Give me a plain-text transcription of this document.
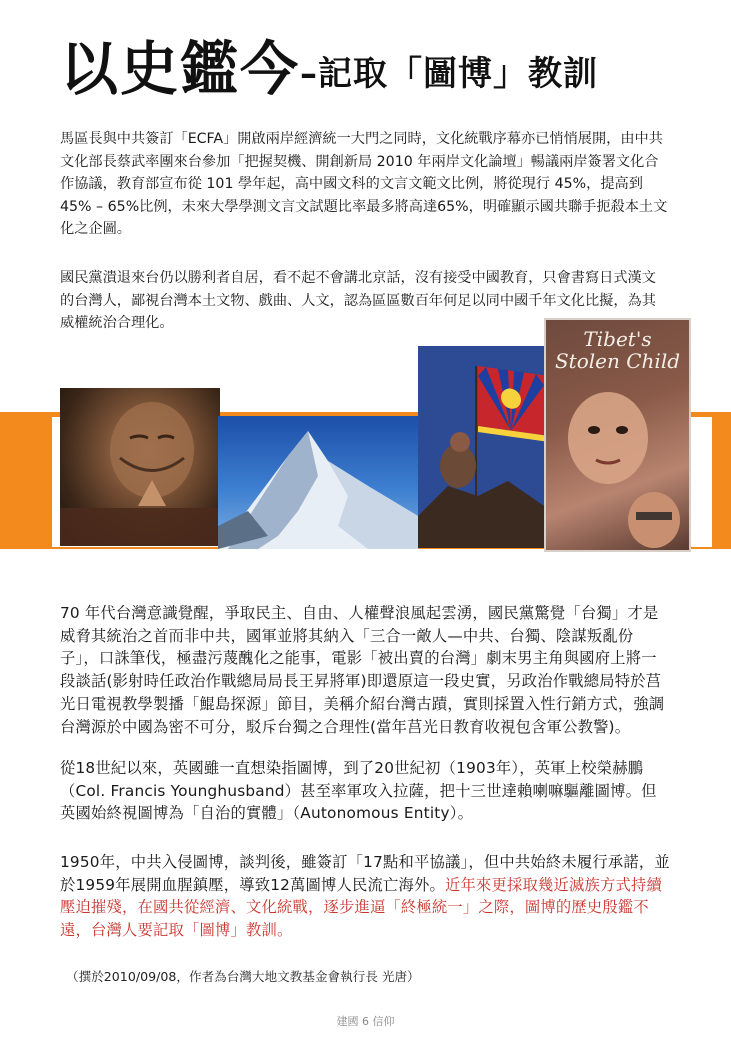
以史鑑今–記取「圖博」教訓

馬區長與中共簽訂「ECFA」開啟兩岸經濟統一大門之同時，文化統戰序幕亦已悄悄展開，由中共文化部長蔡武率團來台參加「把握契機、開創新局 2010 年兩岸文化論壇」暢議兩岸簽署文化合作協議，教育部宣布從 101 學年起，高中國文科的文言文範文比例，將從現行 45%，提高到 45% – 65%比例，未來大學學測文言文試題比率最多將高達65%，明確顯示國共聯手扼殺本土文化之企圖。

國民黨潰退來台仍以勝利者自居，看不起不會講北京話，沒有接受中國教育，只會書寫日式漢文的台灣人，鄙視台灣本土文物、戲曲、人文，認為區區數百年何足以同中國千年文化比擬，為其威權統治合理化。

Tibet's Stolen Child

70 年代台灣意識覺醒，爭取民主、自由、人權聲浪風起雲湧，國民黨驚覺「台獨」才是威脅其統治之首而非中共，國軍並將其納入「三合一敵人—中共、台獨、陰謀叛亂份子」，口誅筆伐，極盡污蔑醜化之能事，電影「被出賣的台灣」劇末男主角與國府上將一段談話(影射時任政治作戰總局局長王昇將軍)即還原這一段史實，另政治作戰總局特於莒光日電視教學製播「鯤島探源」節目，美稱介紹台灣古蹟，實則採置入性行銷方式，強調台灣源於中國為密不可分，駁斥台獨之合理性(當年莒光日教育收視包含軍公教警)。

從18世紀以來，英國雖一直想染指圖博，到了20世紀初（1903年），英軍上校榮赫鵬（Col. Francis Younghusband）甚至率軍攻入拉薩，把十三世達賴喇嘛驅離圖博。但英國始終視圖博為「自治的實體」（Autonomous Entity）。

1950年，中共入侵圖博，談判後，雖簽訂「17點和平協議」，但中共始終未履行承諾，並於1959年展開血腥鎮壓，導致12萬圖博人民流亡海外。近年來更採取幾近滅族方式持續壓迫摧殘，在國共從經濟、文化統戰，逐步進逼「終極統一」之際，圖博的歷史殷鑑不遠，台灣人要記取「圖博」教訓。

（撰於2010/09/08，作者為台灣大地文教基金會執行長 光唐）
建國 6 信仰
